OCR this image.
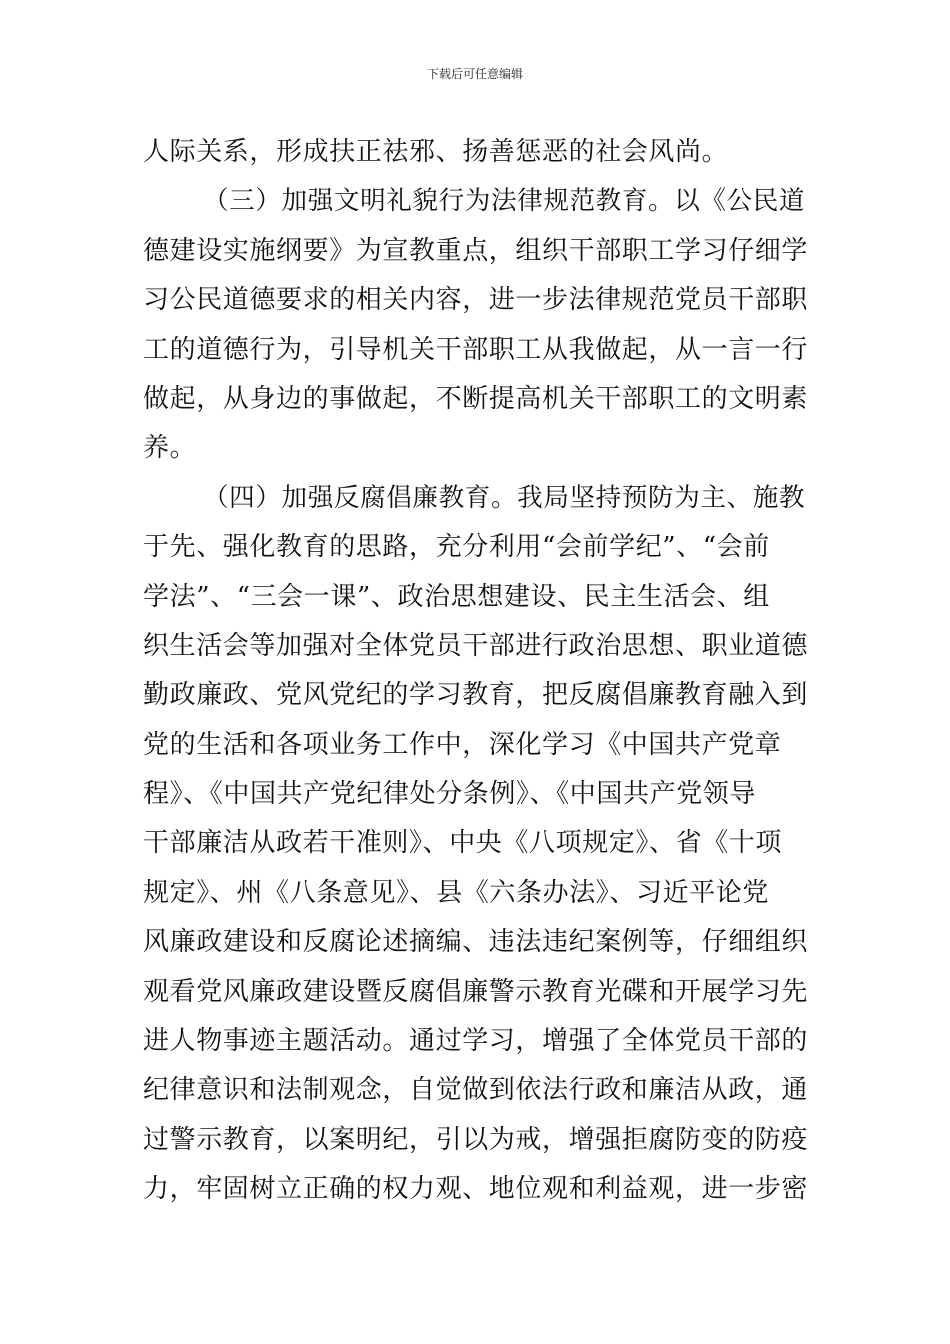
下载后可任意编辑
人际关系，形成扶正祛邪、扬善惩恶的社会风尚。
（三）加强文明礼貌行为法律规范教育。以《公民道
德建设实施纲要》为宣教重点，组织干部职工学习仔细学
习公民道德要求的相关内容，进一步法律规范党员干部职
工的道德行为，引导机关干部职工从我做起，从一言一行
做起，从身边的事做起，不断提高机关干部职工的文明素
养。
（四）加强反腐倡廉教育。我局坚持预防为主、施教
于先、强化教育的思路，充分利用“会前学纪”、“会前
学法”、“三会一课”、政治思想建设、民主生活会、组
织生活会等加强对全体党员干部进行政治思想、职业道德
勤政廉政、党风党纪的学习教育，把反腐倡廉教育融入到
党的生活和各项业务工作中，深化学习《中国共产党章
程》、《中国共产党纪律处分条例》、《中国共产党领导
干部廉洁从政若干准则》、中央《八项规定》、省《十项
规定》、州《八条意见》、县《六条办法》、习近平论党
风廉政建设和反腐论述摘编、违法违纪案例等，仔细组织
观看党风廉政建设暨反腐倡廉警示教育光碟和开展学习先
进人物事迹主题活动。通过学习，增强了全体党员干部的
纪律意识和法制观念，自觉做到依法行政和廉洁从政，通
过警示教育，以案明纪，引以为戒，增强拒腐防变的防疫
力，牢固树立正确的权力观、地位观和利益观，进一步密
